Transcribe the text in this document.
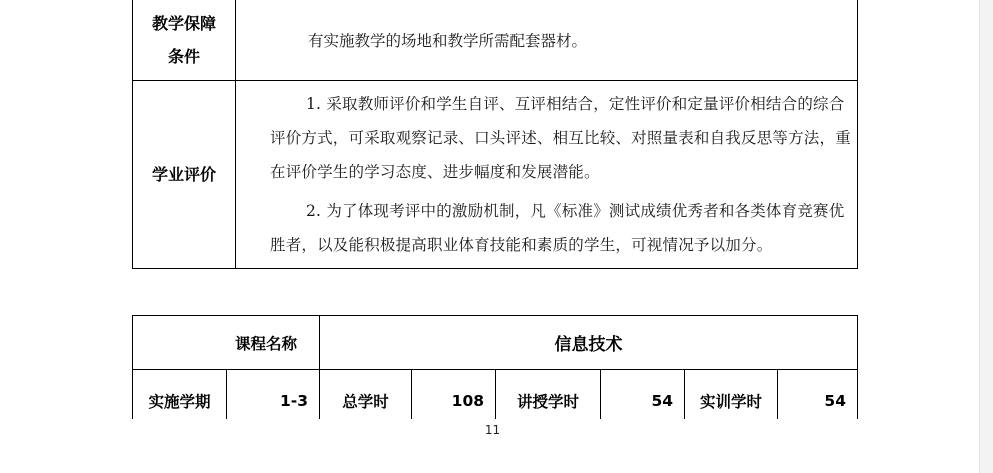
教学保障
条件	有实施教学的场地和教学所需配套器材。
学业评价	1. 采取教师评价和学生自评、互评相结合，定性评价和定量评价相结合的综合评价方式，可采取观察记录、口头评述、相互比较、对照量表和自我反思等方法，重在评价学生的学习态度、进步幅度和发展潜能。

2. 为了体现考评中的激励机制，凡《标准》测试成绩优秀者和各类体育竞赛优胜者，以及能积极提高职业体育技能和素质的学生，可视情况予以加分。

课程名称		信息技术					
实施学期	1-3	总学时	108	讲授学时	54	实训学时	54
11
